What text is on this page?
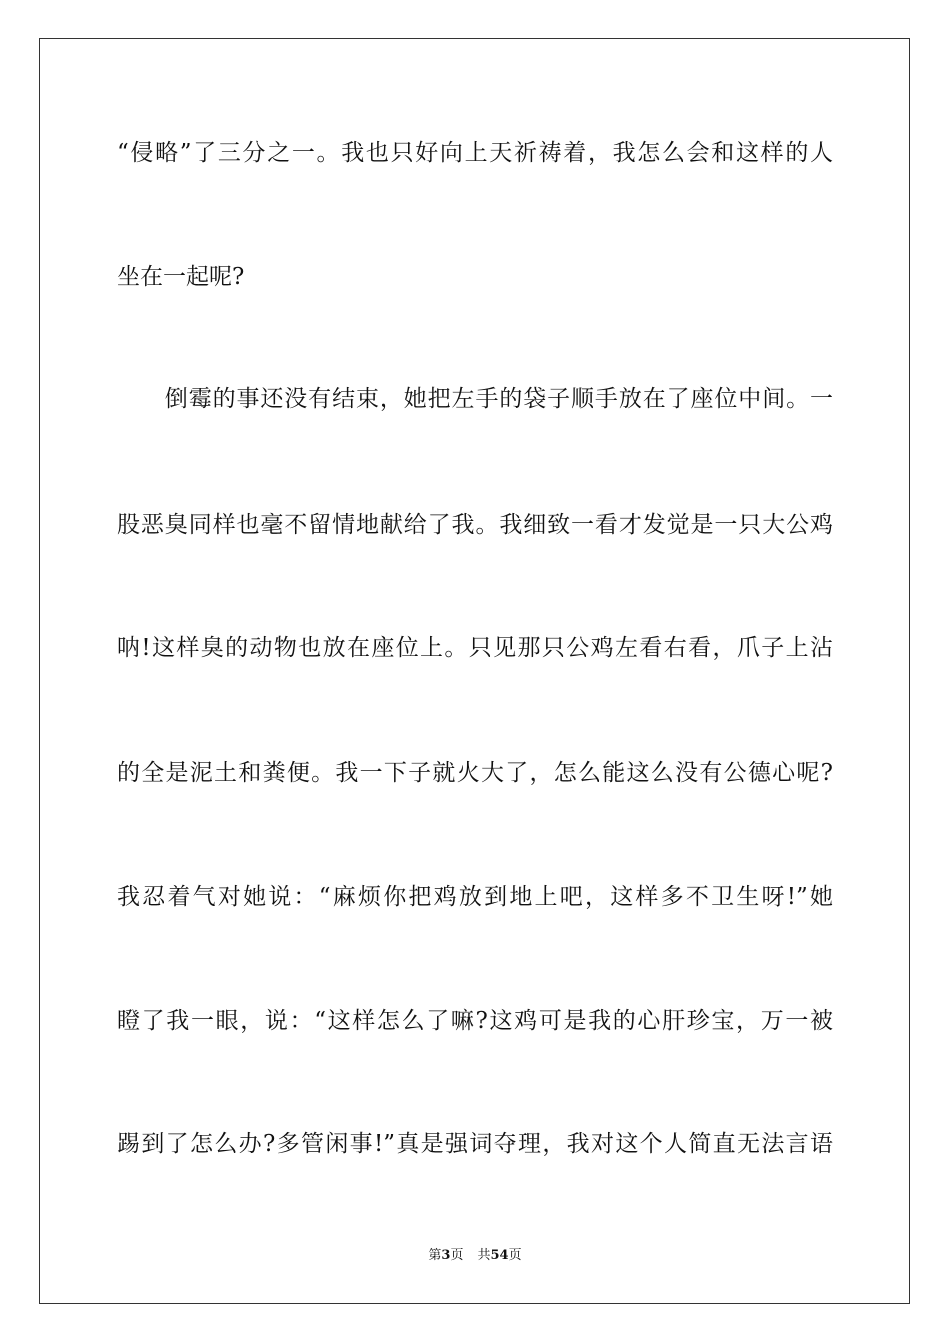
“侵略”了三分之一。我也只好向上天祈祷着，我怎么会和这样的人
坐在一起呢?
　　倒霉的事还没有结束，她把左手的袋子顺手放在了座位中间。一
股恶臭同样也毫不留情地献给了我。我细致一看才发觉是一只大公鸡
呐!这样臭的动物也放在座位上。只见那只公鸡左看右看，爪子上沾
的全是泥土和粪便。我一下子就火大了，怎么能这么没有公德心呢?
我忍着气对她说：“麻烦你把鸡放到地上吧，这样多不卫生呀!”她
瞪了我一眼，说：“这样怎么了嘛?这鸡可是我的心肝珍宝，万一被
踢到了怎么办?多管闲事!”真是强词夺理，我对这个人简直无法言语
第3页 共54页
